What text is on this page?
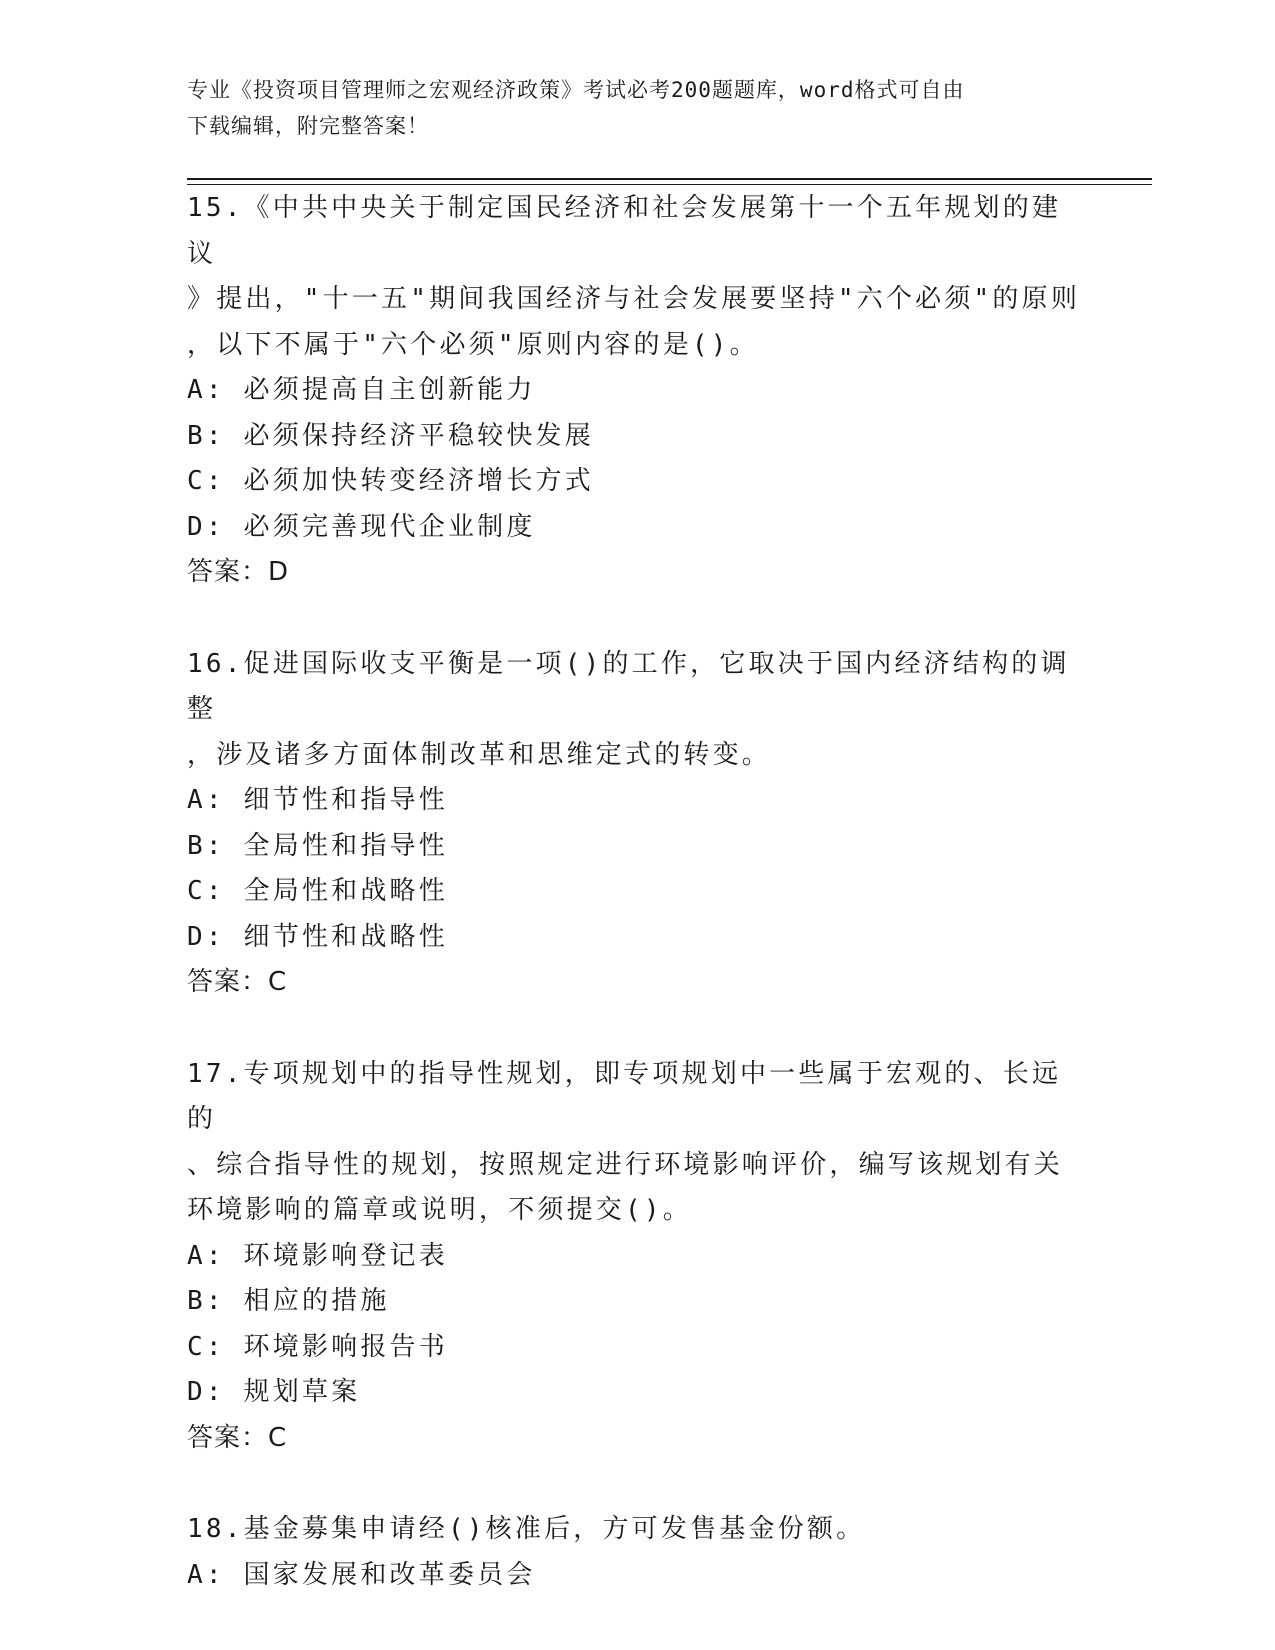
专业《投资项目管理师之宏观经济政策》考试必考200题题库，word格式可自由
下载编辑，附完整答案！

15.《中共中央关于制定国民经济和社会发展第十一个五年规划的建议

》提出，"十一五"期间我国经济与社会发展要坚持"六个必须"的原则

，以下不属于"六个必须"原则内容的是()。

A: 必须提高自主创新能力

B: 必须保持经济平稳较快发展

C: 必须加快转变经济增长方式

D: 必须完善现代企业制度

答案：D

16.促进国际收支平衡是一项()的工作，它取决于国内经济结构的调整

，涉及诸多方面体制改革和思维定式的转变。

A: 细节性和指导性

B: 全局性和指导性

C: 全局性和战略性

D: 细节性和战略性

答案：C

17.专项规划中的指导性规划，即专项规划中一些属于宏观的、长远的

、综合指导性的规划，按照规定进行环境影响评价，编写该规划有关

环境影响的篇章或说明，不须提交()。

A: 环境影响登记表

B: 相应的措施

C: 环境影响报告书

D: 规划草案

答案：C

18.基金募集申请经()核准后，方可发售基金份额。

A: 国家发展和改革委员会
